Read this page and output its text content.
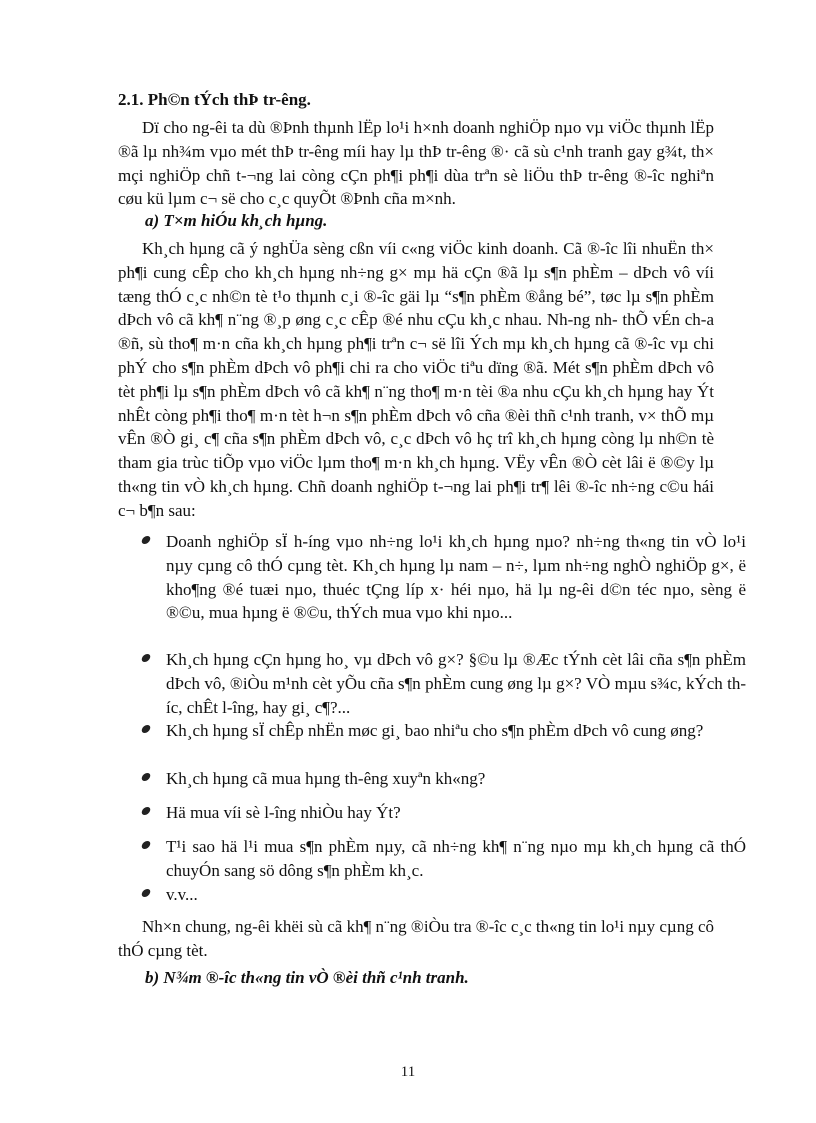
2.1. Ph©n tÝch thÞ tr-êng.

Dï cho ng-êi ta dù ®Þnh thµnh lËp lo¹i h×nh doanh nghiÖp nµo vµ viÖc thµnh lËp ®ã lµ nh¾m vµo mét thÞ tr-êng míi hay lµ thÞ tr-êng ®· cã sù c¹nh tranh gay g¾t, th× mçi nghiÖp chñ t-¬ng lai còng cÇn ph¶i ph¶i dùa trªn sè liÖu thÞ tr-êng ®-îc nghiªn cøu kü lµm c¬ së cho c¸c quyÕt ®Þnh cña m×nh.

a) T×m hiÓu kh¸ch hµng.

Kh¸ch hµng cã ý nghÜa sèng cßn víi c«ng viÖc kinh doanh. Cã ®-îc lîi nhuËn th× ph¶i cung cÊp cho kh¸ch hµng nh÷ng g× mµ hä cÇn ®ã lµ s¶n phÈm – dÞch vô víi tæng thÓ c¸c nh©n tè t¹o thµnh c¸i ®-îc gäi lµ “s¶n phÈm ®ång bé”, tøc lµ s¶n phÈm dÞch vô cã kh¶ n¨ng ®¸p øng c¸c cÊp ®é nhu cÇu kh¸c nhau. Nh-ng nh- thÕ vÉn ch-a ®ñ, sù tho¶ m·n cña kh¸ch hµng ph¶i trªn c¬ së lîi Ých mµ kh¸ch hµng cã ®-îc vµ chi phÝ cho s¶n phÈm dÞch vô ph¶i chi ra cho viÖc tiªu dïng ®ã. Mét s¶n phÈm dÞch vô tèt ph¶i lµ s¶n phÈm dÞch vô cã kh¶ n¨ng tho¶ m·n tèi ®a nhu cÇu kh¸ch hµng hay Ýt nhÊt còng ph¶i tho¶ m·n tèt h¬n s¶n phÈm dÞch vô cña ®èi thñ c¹nh tranh, v× thÕ mµ vÊn ®Ò gi¸ c¶ cña s¶n phÈm dÞch vô, c¸c dÞch vô hç trî kh¸ch hµng còng lµ nh©n tè tham gia trùc tiÕp vµo viÖc lµm tho¶ m·n kh¸ch hµng. VËy vÊn ®Ò cèt lâi ë ®©y lµ th«ng tin vÒ kh¸ch hµng. Chñ doanh nghiÖp t-¬ng lai ph¶i tr¶ lêi ®-îc nh÷ng c©u hái c¬ b¶n sau:

Doanh nghiÖp sÏ h-íng vµo nh÷ng lo¹i kh¸ch hµng nµo? nh÷ng th«ng tin vÒ lo¹i nµy cµng cô thÓ cµng tèt. Kh¸ch hµng lµ nam – n÷, lµm nh÷ng nghÒ nghiÖp g×, ë kho¶ng ®é tuæi nµo, thuéc tÇng líp x· héi nµo, hä lµ ng-êi d©n téc nµo, sèng ë ®©u, mua hµng ë ®©u, thÝch mua vµo khi nµo...

Kh¸ch hµng cÇn hµng ho¸ vµ dÞch vô g×? §©u lµ ®Æc tÝnh cèt lâi cña s¶n phÈm dÞch vô, ®iÒu m¹nh cèt yÕu cña s¶n phÈm cung øng lµ g×? VÒ mµu s¾c, kÝch th-íc, chÊt l-îng, hay gi¸ c¶?...

Kh¸ch hµng sÏ chÊp nhËn møc gi¸ bao nhiªu cho s¶n phÈm dÞch vô cung øng?

Kh¸ch hµng cã mua hµng th-êng xuyªn kh«ng?

Hä mua víi sè l-îng nhiÒu hay Ýt?

T¹i sao hä l¹i mua s¶n phÈm nµy, cã nh÷ng kh¶ n¨ng nµo mµ kh¸ch hµng cã thÓ chuyÓn sang sö dông s¶n phÈm kh¸c.

v.v...

Nh×n chung, ng-êi khëi sù cã kh¶ n¨ng ®iÒu tra ®-îc c¸c th«ng tin lo¹i nµy cµng cô thÓ cµng tèt.

b) N¾m ®-îc th«ng tin vÒ ®èi thñ c¹nh tranh.
11
